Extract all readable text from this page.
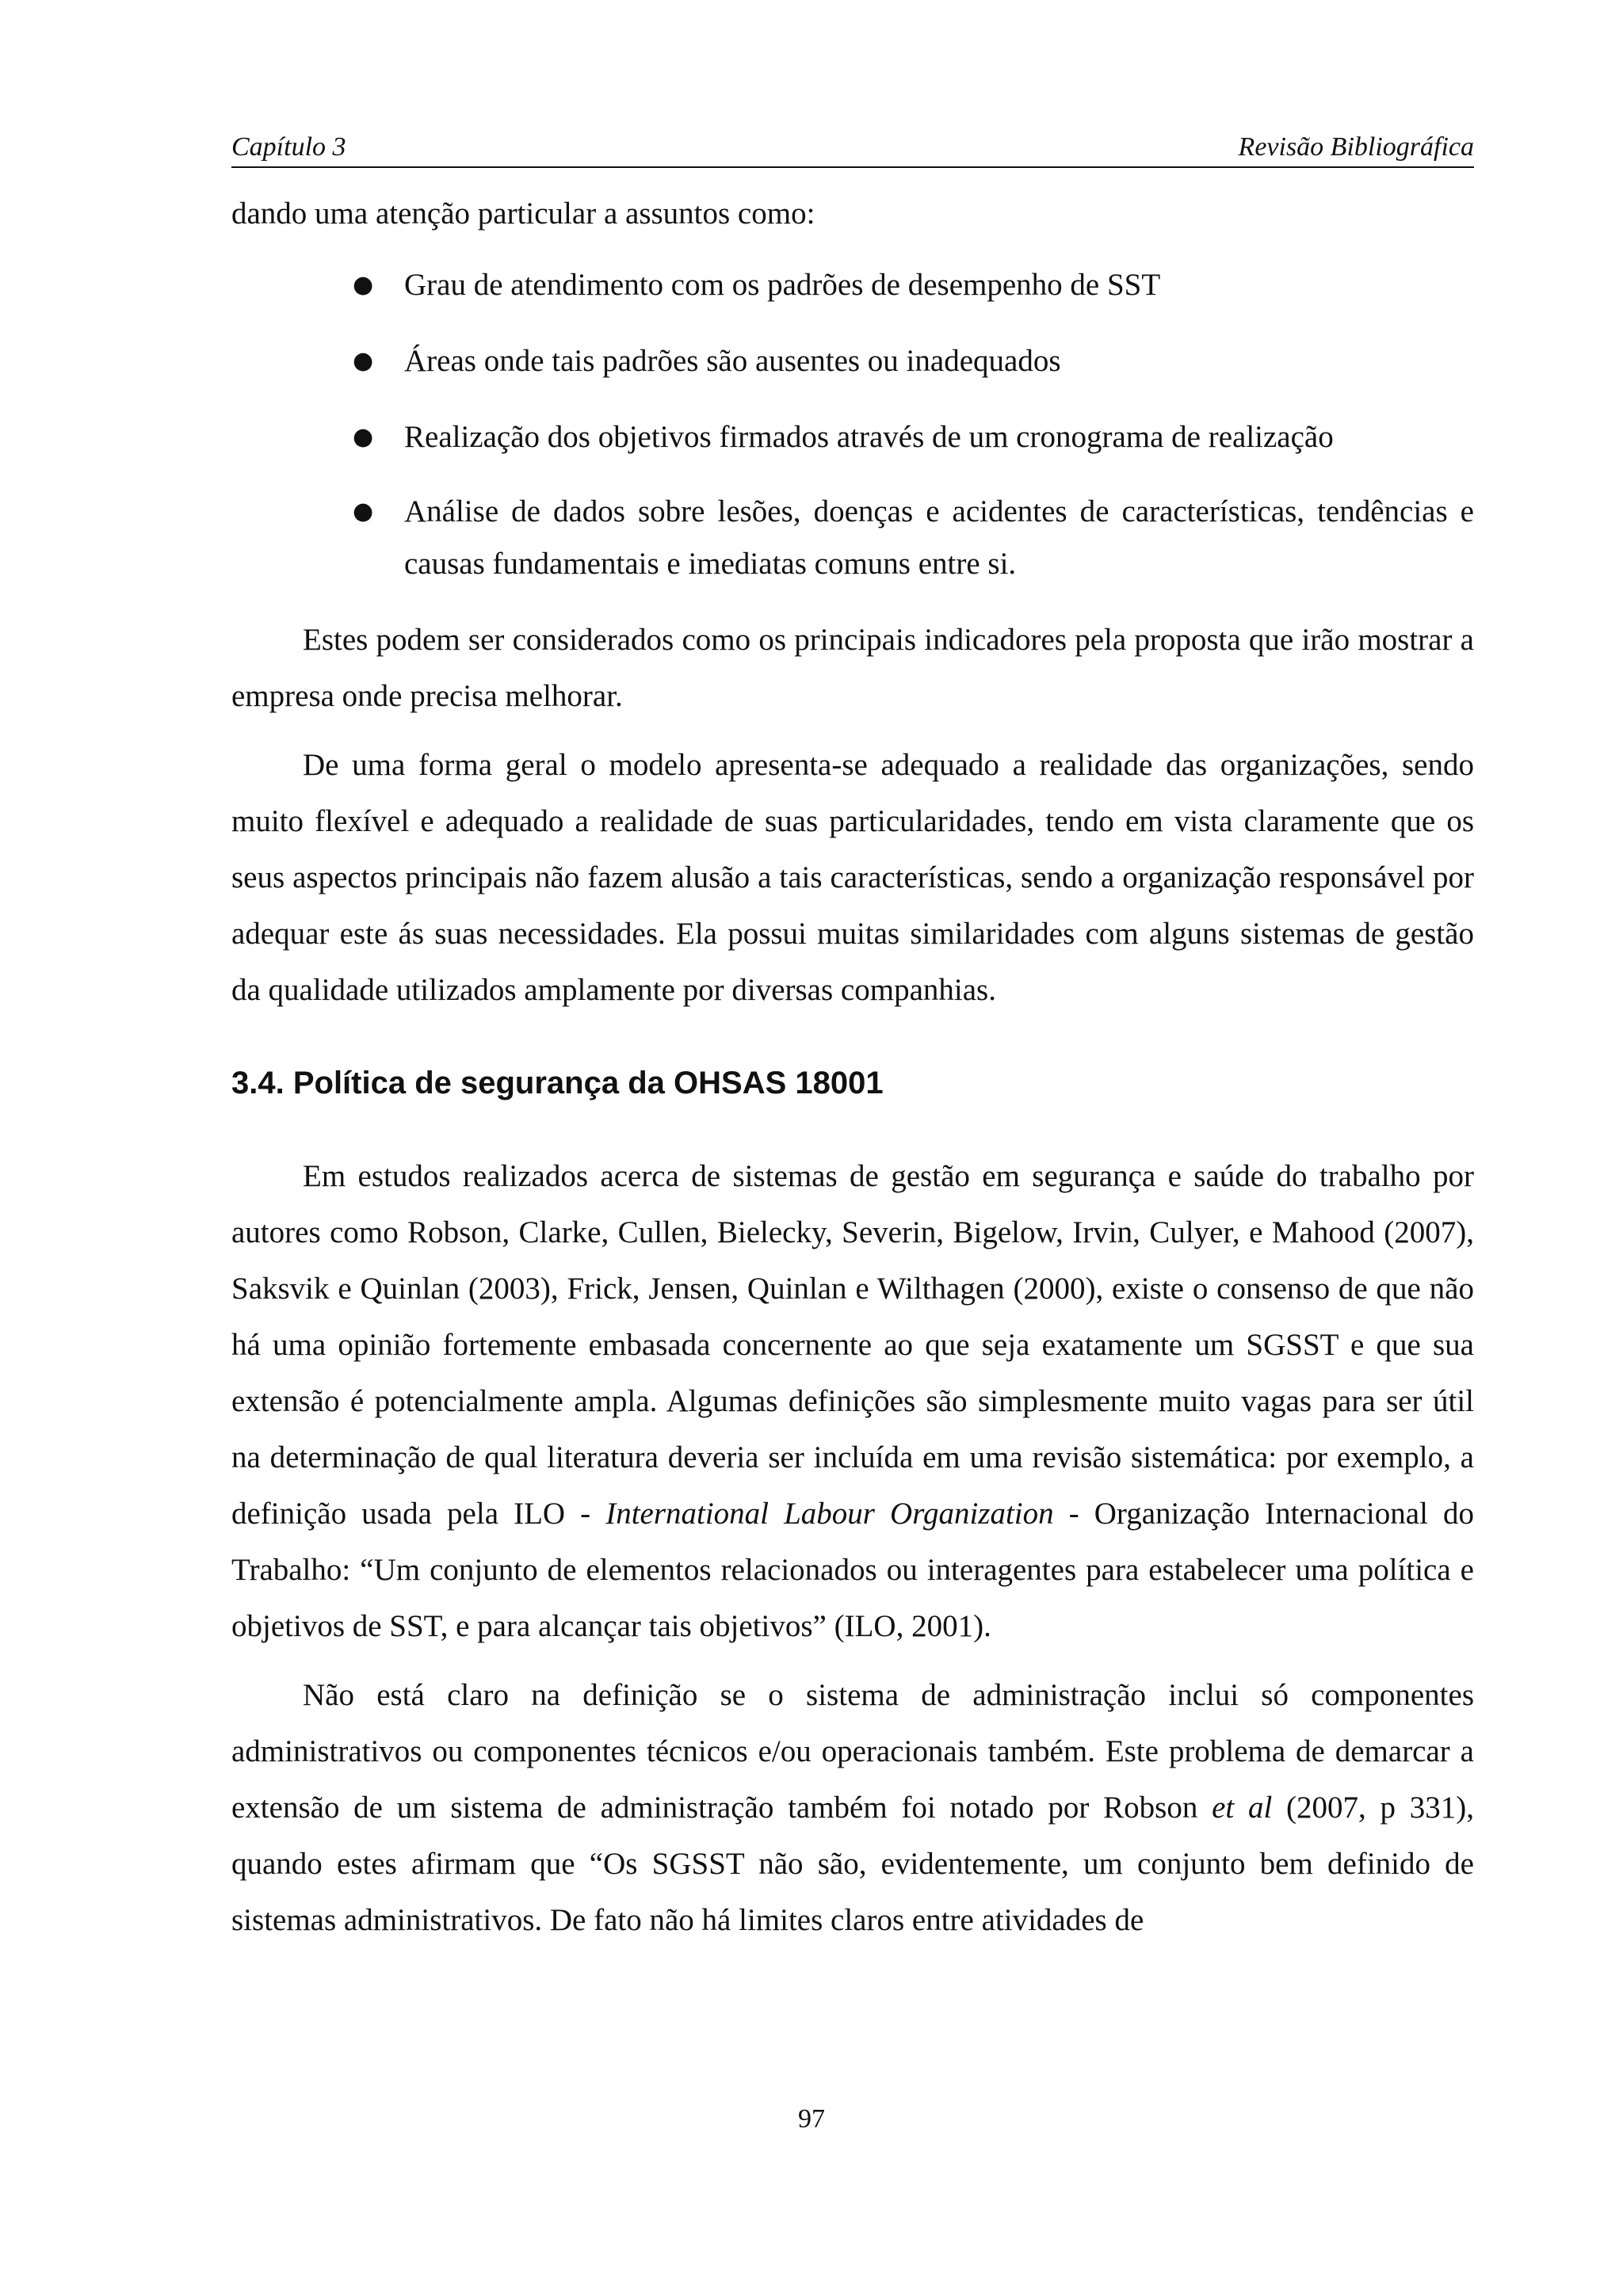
Capítulo 3	Revisão Bibliográfica
dando uma atenção particular a assuntos como:
● Grau de atendimento com os padrões de desempenho de SST
● Áreas onde tais padrões são ausentes ou inadequados
● Realização dos objetivos firmados através de um cronograma de realização
● Análise de dados sobre lesões, doenças e acidentes de características, tendências e causas fundamentais e imediatas comuns entre si.

Estes podem ser considerados como os principais indicadores pela proposta que irão mostrar a empresa onde precisa melhorar.

De uma forma geral o modelo apresenta-se adequado a realidade das organizações, sendo muito flexível e adequado a realidade de suas particularidades, tendo em vista claramente que os seus aspectos principais não fazem alusão a tais características, sendo a organização responsável por adequar este ás suas necessidades. Ela possui muitas similaridades com alguns sistemas de gestão da qualidade utilizados amplamente por diversas companhias.

3.4. Política de segurança da OHSAS 18001

Em estudos realizados acerca de sistemas de gestão em segurança e saúde do trabalho por autores como Robson, Clarke, Cullen, Bielecky, Severin, Bigelow, Irvin, Culyer, e Mahood (2007), Saksvik e Quinlan (2003), Frick, Jensen, Quinlan e Wilthagen (2000), existe o consenso de que não há uma opinião fortemente embasada concernente ao que seja exatamente um SGSST e que sua extensão é potencialmente ampla. Algumas definições são simplesmente muito vagas para ser útil na determinação de qual literatura deveria ser incluída em uma revisão sistemática: por exemplo, a definição usada pela ILO - International Labour Organization - Organização Internacional do Trabalho: “Um conjunto de elementos relacionados ou interagentes para estabelecer uma política e objetivos de SST, e para alcançar tais objetivos” (ILO, 2001).

Não está claro na definição se o sistema de administração inclui só componentes administrativos ou componentes técnicos e/ou operacionais também. Este problema de demarcar a extensão de um sistema de administração também foi notado por Robson et al (2007, p 331), quando estes afirmam que “Os SGSST não são, evidentemente, um conjunto bem definido de sistemas administrativos. De fato não há limites claros entre atividades de

97
